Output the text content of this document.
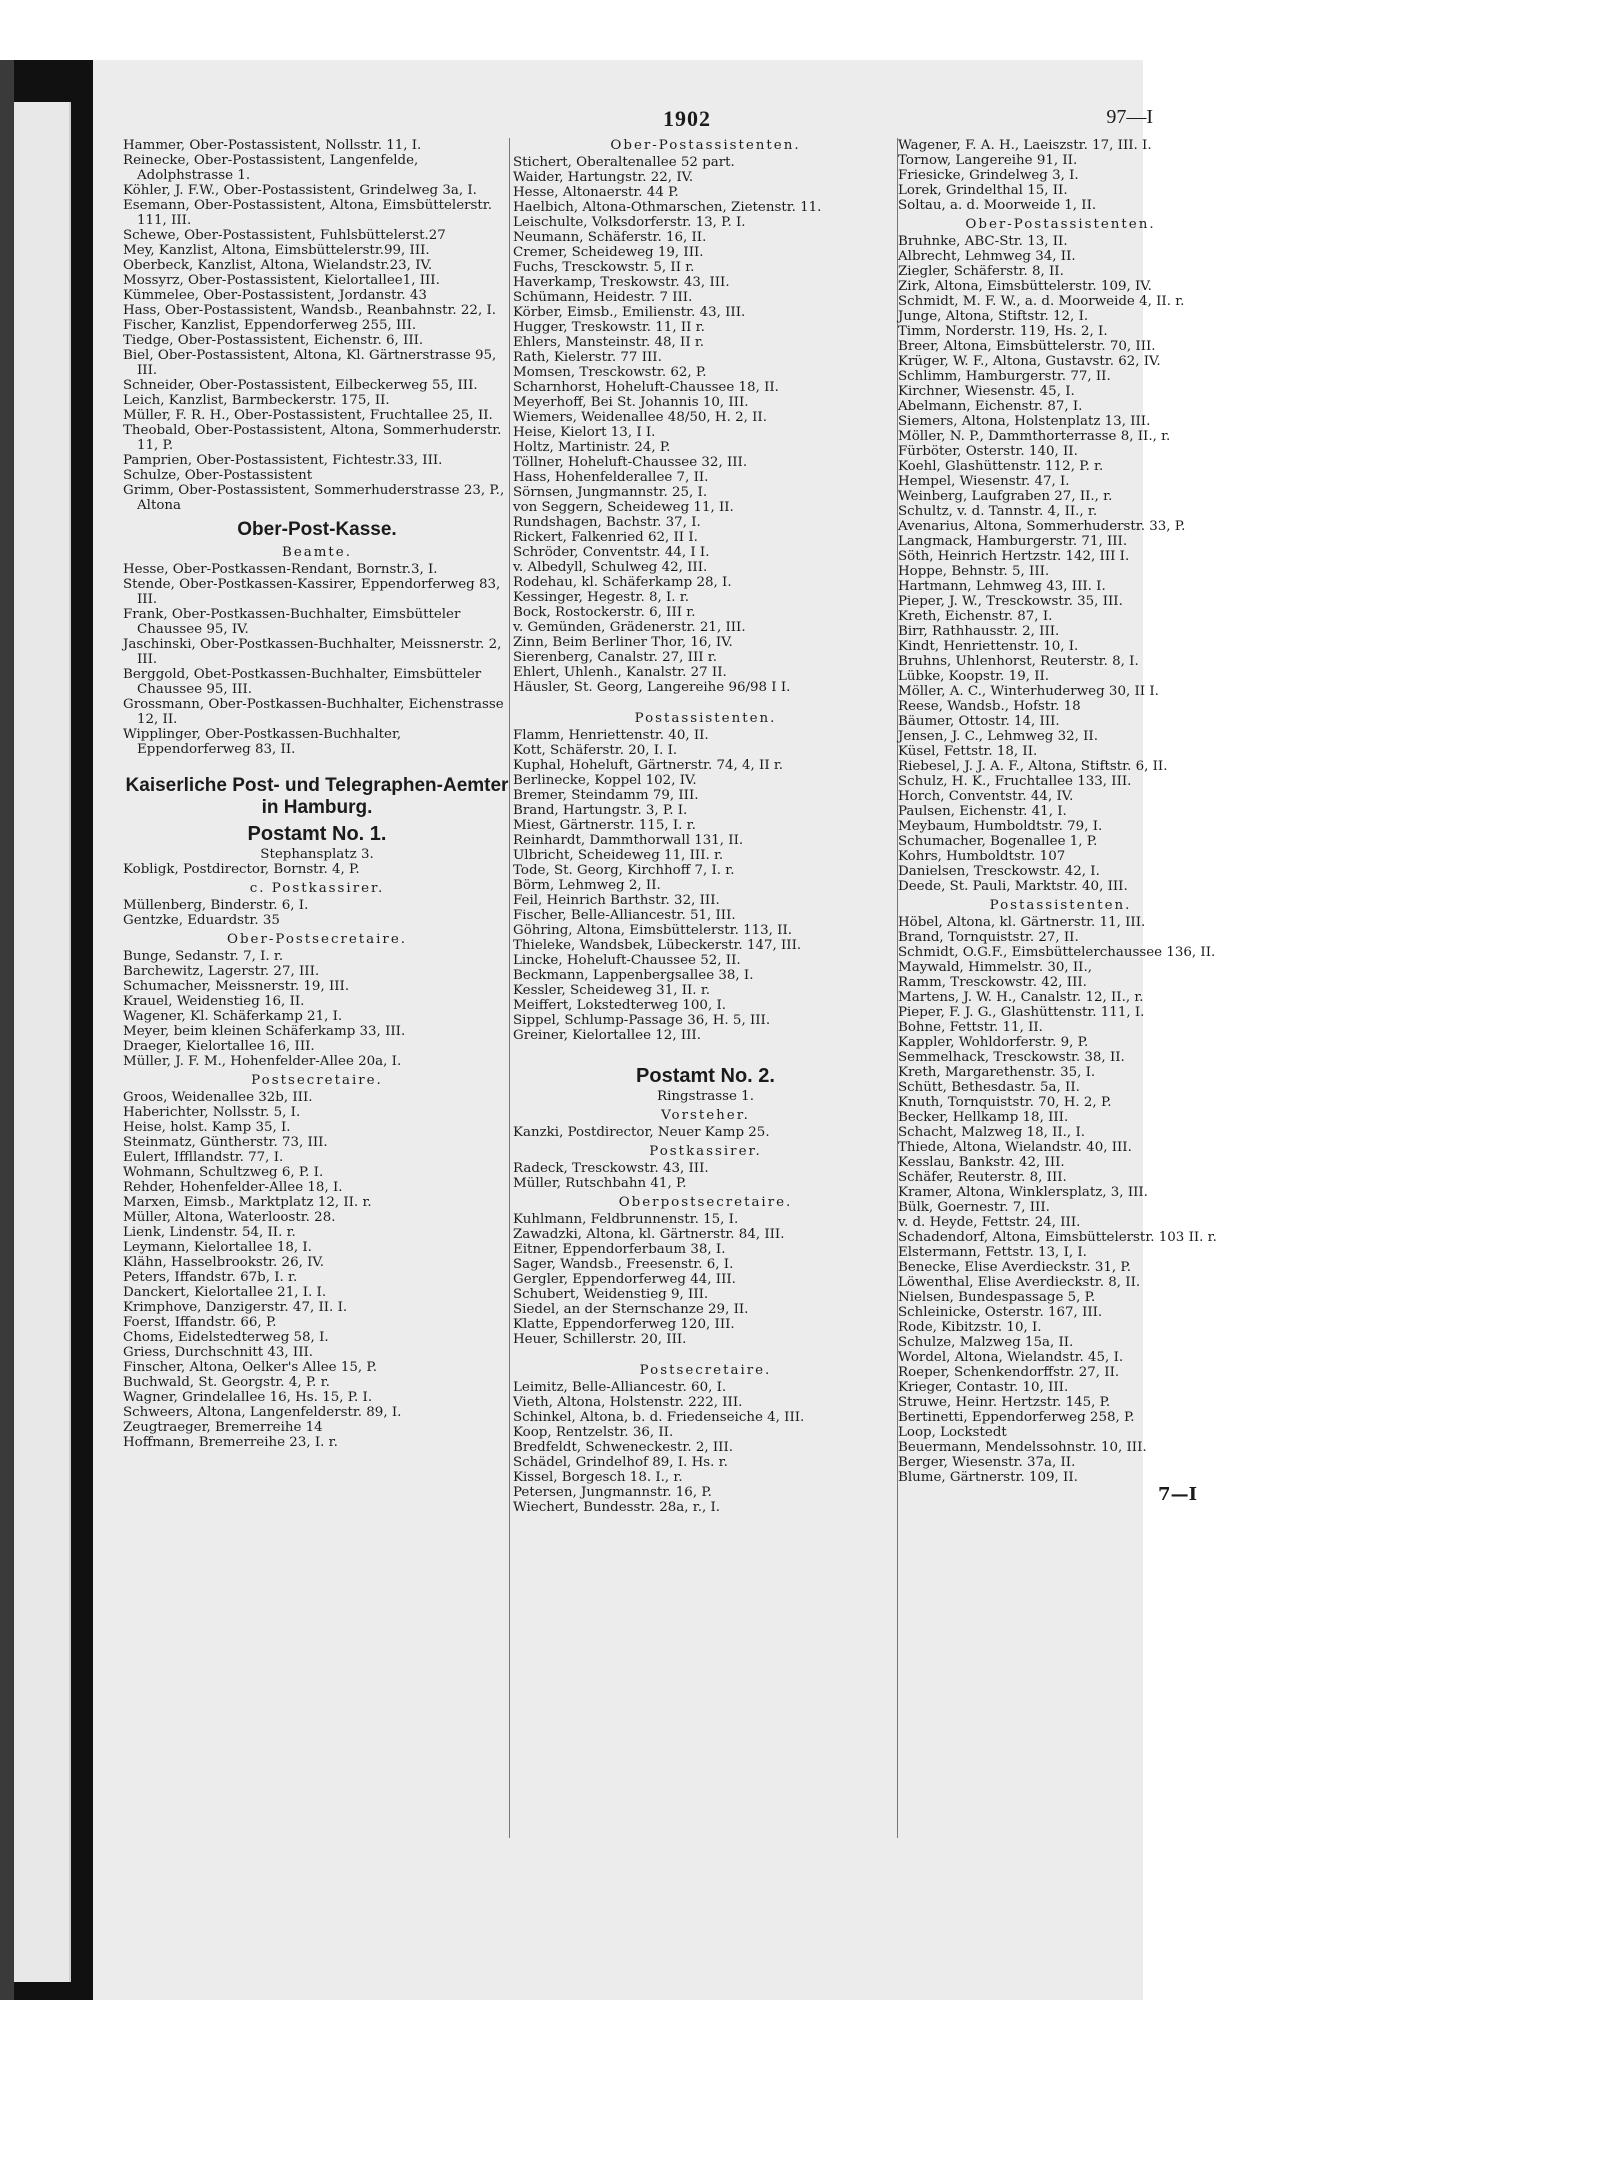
1902	97—I
Hammer, Ober-Postassistent, Nollsstr. 11, I.
Reinecke, Ober-Postassistent, Langenfelde, Adolphstrasse 1.
Köhler, J. F.W., Ober-Postassistent, Grindelweg 3a, I.
Esemann, Ober-Postassistent, Altona, Eimsbüttelerstr. 111, III.
Schewe, Ober-Postassistent, Fuhlsbüttelerst.27
Mey, Kanzlist, Altona, Eimsbüttelerstr.99, III.
Oberbeck, Kanzlist, Altona, Wielandstr.23, IV.
Mossyrz, Ober-Postassistent, Kielortallee1, III.
Kümmelee, Ober-Postassistent, Jordanstr. 43
Hass, Ober-Postassistent, Wandsb., Reanbahnstr. 22, I.
Fischer, Kanzlist, Eppendorferweg 255, III.
Tiedge, Ober-Postassistent, Eichenstr. 6, III.
Biel, Ober-Postassistent, Altona, Kl. Gärtnerstrasse 95, III.
Schneider, Ober-Postassistent, Eilbeckerweg 55, III.
Leich, Kanzlist, Barmbeckerstr. 175, II.
Müller, F. R. H., Ober-Postassistent, Fruchtallee 25, II.
Theobald, Ober-Postassistent, Altona, Sommerhuderstr. 11, P.
Pamprien, Ober-Postassistent, Fichtestr.33, III.
Schulze, Ober-Postassistent
Grimm, Ober-Postassistent, Sommerhuderstrasse 23, P., Altona
Ober-Post-Kasse.
Beamte.
Hesse, Ober-Postkassen-Rendant, Bornstr.3, I.
Stende, Ober-Postkassen-Kassirer, Eppendorferweg 83, III.
Frank, Ober-Postkassen-Buchhalter, Eimsbütteler Chaussee 95, IV.
Jaschinski, Ober-Postkassen-Buchhalter, Meissnerstr. 2, III.
Berggold, Obet-Postkassen-Buchhalter, Eimsbütteler Chaussee 95, III.
Grossmann, Ober-Postkassen-Buchhalter, Eichenstrasse 12, II.
Wipplinger, Ober-Postkassen-Buchhalter, Eppendorferweg 83, II.
Kaiserliche Post- und Telegraphen-Aemter in Hamburg.
Postamt No. 1.
Stephansplatz 3.
Kobligk, Postdirector, Bornstr. 4, P.
c. Postkassirer.
Müllenberg, Binderstr. 6, I.
Gentzke, Eduardstr. 35
Ober-Postsecretaire.
Bunge, Sedanstr. 7, I. r.
Barchewitz, Lagerstr. 27, III.
Schumacher, Meissnerstr. 19, III.
Krauel, Weidenstieg 16, II.
Wagener, Kl. Schäferkamp 21, I.
Meyer, beim kleinen Schäferkamp 33, III.
Draeger, Kielortallee 16, III.
Müller, J. F. M., Hohenfelder-Allee 20a, I.
Postsecretaire.
Groos, Weidenallee 32b, III.
Haberichter, Nollsstr. 5, I.
Heise, holst. Kamp 35, I.
Steinmatz, Güntherstr. 73, III.
Eulert, Iffllandstr. 77, I.
Wohmann, Schultzweg 6, P. I.
Rehder, Hohenfelder-Allee 18, I.
Marxen, Eimsb., Marktplatz 12, II. r.
Müller, Altona, Waterloostr. 28.
Lienk, Lindenstr. 54, II. r.
Leymann, Kielortallee 18, I.
Klähn, Hasselbrookstr. 26, IV.
Peters, Iffandstr. 67b, I. r.
Danckert, Kielortallee 21, I. I.
Krimphove, Danzigerstr. 47, II. I.
Foerst, Iffandstr. 66, P.
Choms, Eidelstedterweg 58, I.
Griess, Durchschnitt 43, III.
Finscher, Altona, Oelker's Allee 15, P.
Buchwald, St. Georgstr. 4, P. r.
Wagner, Grindelallee 16, Hs. 15, P. I.
Schweers, Altona, Langenfelderstr. 89, I.
Zeugtraeger, Bremerreihe 14
Hoffmann, Bremerreihe 23, I. r.
Ober-Postassistenten.
Stichert, Oberaltenallee 52 part.
Waider, Hartungstr. 22, IV.
Hesse, Altonaerstr. 44 P.
Haelbich, Altona-Othmarschen, Zietenstr. 11.
Leischulte, Volksdorferstr. 13, P. I.
Neumann, Schäferstr. 16, II.
Cremer, Scheideweg 19, III.
Fuchs, Tresckowstr. 5, II r.
Haverkamp, Treskowstr. 43, III.
Schümann, Heidestr. 7 III.
Körber, Eimsb., Emilienstr. 43, III.
Hugger, Treskowstr. 11, II r.
Ehlers, Mansteinstr. 48, II r.
Rath, Kielerstr. 77 III.
Momsen, Tresckowstr. 62, P.
Scharnhorst, Hoheluft-Chaussee 18, II.
Meyerhoff, Bei St. Johannis 10, III.
Wiemers, Weidenallee 48/50, H. 2, II.
Heise, Kielort 13, I I.
Holtz, Martinistr. 24, P.
Töllner, Hoheluft-Chaussee 32, III.
Hass, Hohenfelderallee 7, II.
Sörnsen, Jungmannstr. 25, I.
von Seggern, Scheideweg 11, II.
Rundshagen, Bachstr. 37, I.
Rickert, Falkenried 62, II I.
Schröder, Conventstr. 44, I I.
v. Albedyll, Schulweg 42, III.
Rodehau, kl. Schäferkamp 28, I.
Kessinger, Hegestr. 8, I. r.
Bock, Rostockerstr. 6, III r.
v. Gemünden, Grädenerstr. 21, III.
Zinn, Beim Berliner Thor, 16, IV.
Sierenberg, Canalstr. 27, III r.
Ehlert, Uhlenh., Kanalstr. 27 II.
Häusler, St. Georg, Langereihe 96/98 I I.
Postassistenten.
Flamm, Henriettenstr. 40, II.
Kott, Schäferstr. 20, I. I.
Kuphal, Hoheluft, Gärtnerstr. 74, 4, II r.
Berlinecke, Koppel 102, IV.
Bremer, Steindamm 79, III.
Brand, Hartungstr. 3, P. I.
Miest, Gärtnerstr. 115, I. r.
Reinhardt, Dammthorwall 131, II.
Ulbricht, Scheideweg 11, III. r.
Tode, St. Georg, Kirchhoff 7, I. r.
Börm, Lehmweg 2, II.
Feil, Heinrich Barthstr. 32, III.
Fischer, Belle-Alliancestr. 51, III.
Göhring, Altona, Eimsbüttelerstr. 113, II.
Thieleke, Wandsbek, Lübeckerstr. 147, III.
Lincke, Hoheluft-Chaussee 52, II.
Beckmann, Lappenbergsallee 38, I.
Kessler, Scheideweg 31, II. r.
Meiffert, Lokstedterweg 100, I.
Sippel, Schlump-Passage 36, H. 5, III.
Greiner, Kielortallee 12, III.
Postamt No. 2.
Ringstrasse 1.
Vorsteher.
Kanzki, Postdirector, Neuer Kamp 25.
Postkassirer.
Radeck, Tresckowstr. 43, III.
Müller, Rutschbahn 41, P.
Oberpostsecretaire.
Kuhlmann, Feldbrunnenstr. 15, I.
Zawadzki, Altona, kl. Gärtnerstr. 84, III.
Eitner, Eppendorferbaum 38, I.
Sager, Wandsb., Freesenstr. 6, I.
Gergler, Eppendorferweg 44, III.
Schubert, Weidenstieg 9, III.
Siedel, an der Sternschanze 29, II.
Klatte, Eppendorferweg 120, III.
Heuer, Schillerstr. 20, III.
Postsecretaire.
Leimitz, Belle-Alliancestr. 60, I.
Vieth, Altona, Holstenstr. 222, III.
Schinkel, Altona, b. d. Friedenseiche 4, III.
Koop, Rentzelstr. 36, II.
Bredfeldt, Schweneckestr. 2, III.
Schädel, Grindelhof 89, I. Hs. r.
Kissel, Borgesch 18. I., r.
Petersen, Jungmannstr. 16, P.
Wiechert, Bundesstr. 28a, r., I.
Wagener, F. A. H., Laeiszstr. 17, III. I.
Tornow, Langereihe 91, II.
Friesicke, Grindelweg 3, I.
Lorek, Grindelthal 15, II.
Soltau, a. d. Moorweide 1, II.
Ober-Postassistenten.
Bruhnke, ABC-Str. 13, II.
Albrecht, Lehmweg 34, II.
Ziegler, Schäferstr. 8, II.
Zirk, Altona, Eimsbüttelerstr. 109, IV.
Schmidt, M. F. W., a. d. Moorweide 4, II. r.
Junge, Altona, Stiftstr. 12, I.
Timm, Norderstr. 119, Hs. 2, I.
Breer, Altona, Eimsbüttelerstr. 70, III.
Krüger, W. F., Altona, Gustavstr. 62, IV.
Schlimm, Hamburgerstr. 77, II.
Kirchner, Wiesenstr. 45, I.
Abelmann, Eichenstr. 87, I.
Siemers, Altona, Holstenplatz 13, III.
Möller, N. P., Dammthorterrasse 8, II., r.
Fürböter, Osterstr. 140, II.
Koehl, Glashüttenstr. 112, P. r.
Hempel, Wiesenstr. 47, I.
Weinberg, Laufgraben 27, II., r.
Schultz, v. d. Tannstr. 4, II., r.
Avenarius, Altona, Sommerhuderstr. 33, P.
Langmack, Hamburgerstr. 71, III.
Söth, Heinrich Hertzstr. 142, III I.
Hoppe, Behnstr. 5, III.
Hartmann, Lehmweg 43, III. I.
Pieper, J. W., Tresckowstr. 35, III.
Kreth, Eichenstr. 87, I.
Birr, Rathhausstr. 2, III.
Kindt, Henriettenstr. 10, I.
Bruhns, Uhlenhorst, Reuterstr. 8, I.
Lübke, Koopstr. 19, II.
Möller, A. C., Winterhuderweg 30, II I.
Reese, Wandsb., Hofstr. 18
Bäumer, Ottostr. 14, III.
Jensen, J. C., Lehmweg 32, II.
Küsel, Fettstr. 18, II.
Riebesel, J. J. A. F., Altona, Stiftstr. 6, II.
Schulz, H. K., Fruchtallee 133, III.
Horch, Conventstr. 44, IV.
Paulsen, Eichenstr. 41, I.
Meybaum, Humboldtstr. 79, I.
Schumacher, Bogenallee 1, P.
Kohrs, Humboldtstr. 107
Danielsen, Tresckowstr. 42, I.
Deede, St. Pauli, Marktstr. 40, III.
Postassistenten.
Höbel, Altona, kl. Gärtnerstr. 11, III.
Brand, Tornquiststr. 27, II.
Schmidt, O.G.F., Eimsbüttelerchaussee 136, II.
Maywald, Himmelstr. 30, II.,
Ramm, Tresckowstr. 42, III.
Martens, J. W. H., Canalstr. 12, II., r.
Pieper, F. J. G., Glashüttenstr. 111, I.
Bohne, Fettstr. 11, II.
Kappler, Wohldorferstr. 9, P.
Semmelhack, Tresckowstr. 38, II.
Kreth, Margarethenstr. 35, I.
Schütt, Bethesdastr. 5a, II.
Knuth, Tornquiststr. 70, H. 2, P.
Becker, Hellkamp 18, III.
Schacht, Malzweg 18, II., I.
Thiede, Altona, Wielandstr. 40, III.
Kesslau, Bankstr. 42, III.
Schäfer, Reuterstr. 8, III.
Kramer, Altona, Winklersplatz, 3, III.
Bülk, Goernestr. 7, III.
v. d. Heyde, Fettstr. 24, III.
Schadendorf, Altona, Eimsbüttelerstr. 103 II. r.
Elstermann, Fettstr. 13, I, I.
Benecke, Elise Averdieckstr. 31, P.
Löwenthal, Elise Averdieckstr. 8, II.
Nielsen, Bundespassage 5, P.
Schleinicke, Osterstr. 167, III.
Rode, Kibitzstr. 10, I.
Schulze, Malzweg 15a, II.
Wordel, Altona, Wielandstr. 45, I.
Roeper, Schenkendorffstr. 27, II.
Krieger, Contastr. 10, III.
Struwe, Heinr. Hertzstr. 145, P.
Bertinetti, Eppendorferweg 258, P.
Loop, Lockstedt
Beuermann, Mendelssohnstr. 10, III.
Berger, Wiesenstr. 37a, II.
Blume, Gärtnerstr. 109, II.
7—I
